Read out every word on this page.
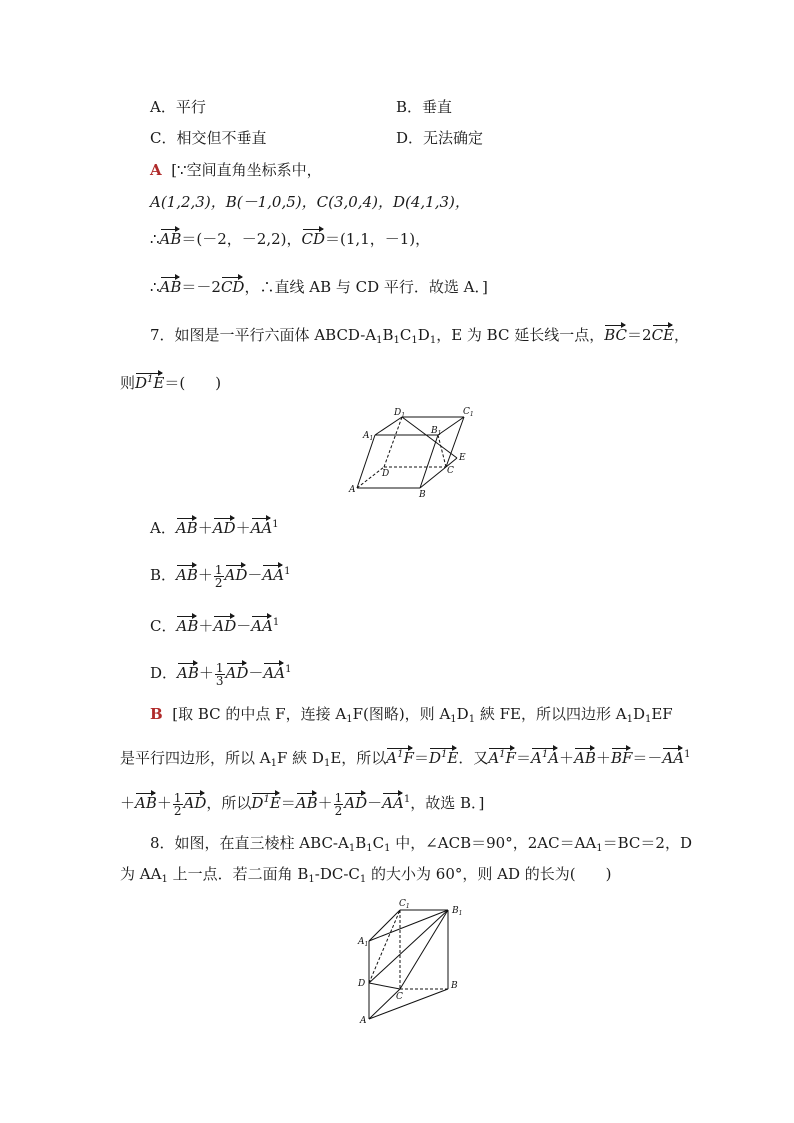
A．平行	B．垂直
C．相交但不垂直	D．无法确定
A [∵空间直角坐标系中，
A(1,2,3)，B(－1,0,5)，C(3,0,4)，D(4,1,3)，
∴AB＝(－2，－2,2)，CD＝(1,1，－1)，
∴AB＝－2CD，∴直线 AB 与 CD 平行．故选 A．]
7．如图是一平行六面体 ABCD-$A_1B_1C_1D_1$，E 为 BC 延长线一点，BC＝2CE，
则$D^1E=$(　　)
$D_1$	$C_1$
$A_1$
$B_1$
E
C
D
A	B
A．$AB+AD+AA^1$
B．$AB+ \frac{1}{2} AD-AA^1$
C．$AB+AD-AA^1$
D．$AB+ \frac{1}{3} AD-AA^1$
B [取 BC 的中点 F，连接 $A_1F$(图略)，则 $A_1D_1$ 綊 FE，所以四边形 $A_1D_1EF$
是平行四边形，所以 $A_1F$ 綊 $D_1E$，所以$A^1F=D^1E$．又$A^1F=A^1A+AB+BF=-AA^1$
$+AB+ \frac{1}{2}$ AD，所以$D^1E=AB+ \frac{1}{2} AD-AA^1$，故选 B．]
8．如图，在直三棱柱 ABC-$A_1B_1C_1$ 中，∠ACB＝90°，$2AC=AA_1=BC=2$，D
为 $AA_1$ 上一点．若二面角 $B_1-DC-C_1$ 的大小为 60°，则 AD 的长为(　　)
$C_1$	$B_1$
$A_1$
D
C
B
A
